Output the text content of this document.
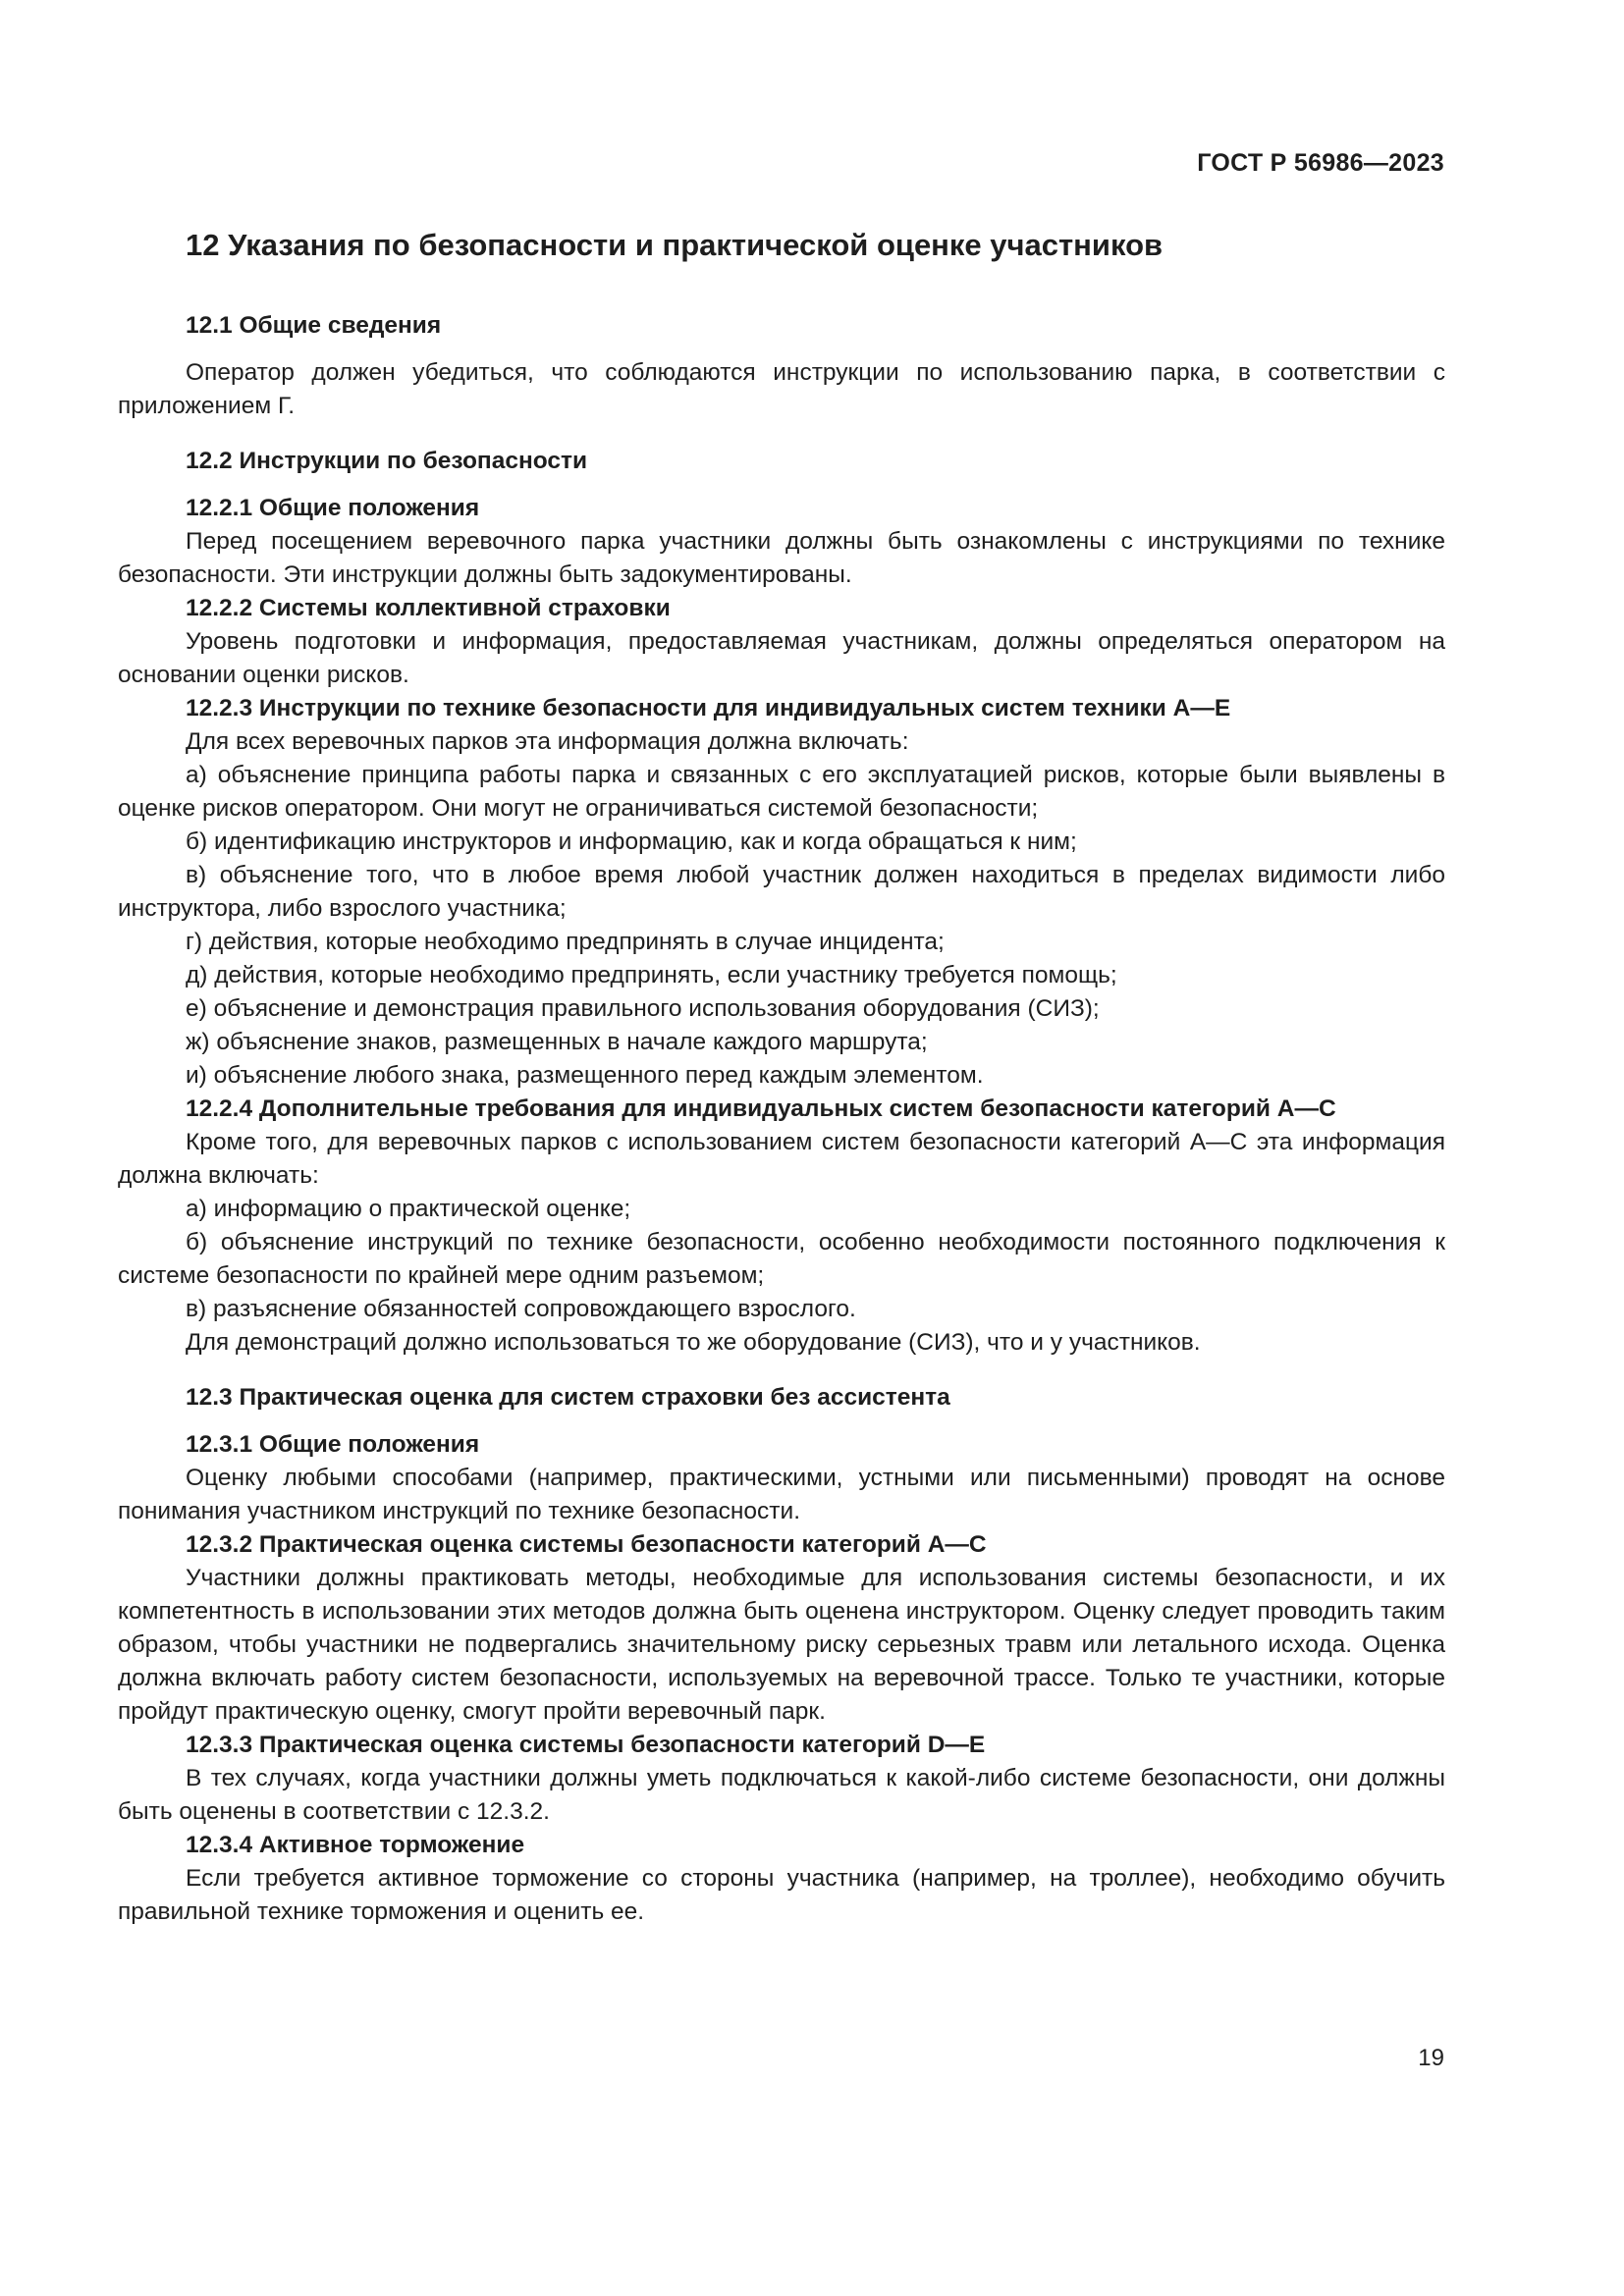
ГОСТ Р 56986—2023
12 Указания по безопасности и практической оценке участников

12.1 Общие сведения

Оператор должен убедиться, что соблюдаются инструкции по использованию парка, в соответствии с приложением Г.

12.2 Инструкции по безопасности

12.2.1 Общие положения

Перед посещением веревочного парка участники должны быть ознакомлены с инструкциями по технике безопасности. Эти инструкции должны быть задокументированы.

12.2.2 Системы коллективной страховки

Уровень подготовки и информация, предоставляемая участникам, должны определяться оператором на основании оценки рисков.

12.2.3 Инструкции по технике безопасности для индивидуальных систем техники А—Е

Для всех веревочных парков эта информация должна включать:

а) объяснение принципа работы парка и связанных с его эксплуатацией рисков, которые были выявлены в оценке рисков оператором. Они могут не ограничиваться системой безопасности;

б) идентификацию инструкторов и информацию, как и когда обращаться к ним;

в) объяснение того, что в любое время любой участник должен находиться в пределах видимости либо инструктора, либо взрослого участника;

г) действия, которые необходимо предпринять в случае инцидента;

д) действия, которые необходимо предпринять, если участнику требуется помощь;

е) объяснение и демонстрация правильного использования оборудования (СИЗ);

ж) объяснение знаков, размещенных в начале каждого маршрута;

и) объяснение любого знака, размещенного перед каждым элементом.

12.2.4 Дополнительные требования для индивидуальных систем безопасности категорий А—С

Кроме того, для веревочных парков с использованием систем безопасности категорий А—С эта информация должна включать:

а) информацию о практической оценке;

б) объяснение инструкций по технике безопасности, особенно необходимости постоянного подключения к системе безопасности по крайней мере одним разъемом;

в) разъяснение обязанностей сопровождающего взрослого.

Для демонстраций должно использоваться то же оборудование (СИЗ), что и у участников.

12.3 Практическая оценка для систем страховки без ассистента

12.3.1 Общие положения

Оценку любыми способами (например, практическими, устными или письменными) проводят на основе понимания участником инструкций по технике безопасности.

12.3.2 Практическая оценка системы безопасности категорий А—С

Участники должны практиковать методы, необходимые для использования системы безопасности, и их компетентность в использовании этих методов должна быть оценена инструктором. Оценку следует проводить таким образом, чтобы участники не подвергались значительному риску серьезных травм или летального исхода. Оценка должна включать работу систем безопасности, используемых на веревочной трассе. Только те участники, которые пройдут практическую оценку, смогут пройти веревочный парк.

12.3.3 Практическая оценка системы безопасности категорий D—Е

В тех случаях, когда участники должны уметь подключаться к какой-либо системе безопасности, они должны быть оценены в соответствии с 12.3.2.

12.3.4 Активное торможение

Если требуется активное торможение со стороны участника (например, на троллее), необходимо обучить правильной технике торможения и оценить ее.

19
